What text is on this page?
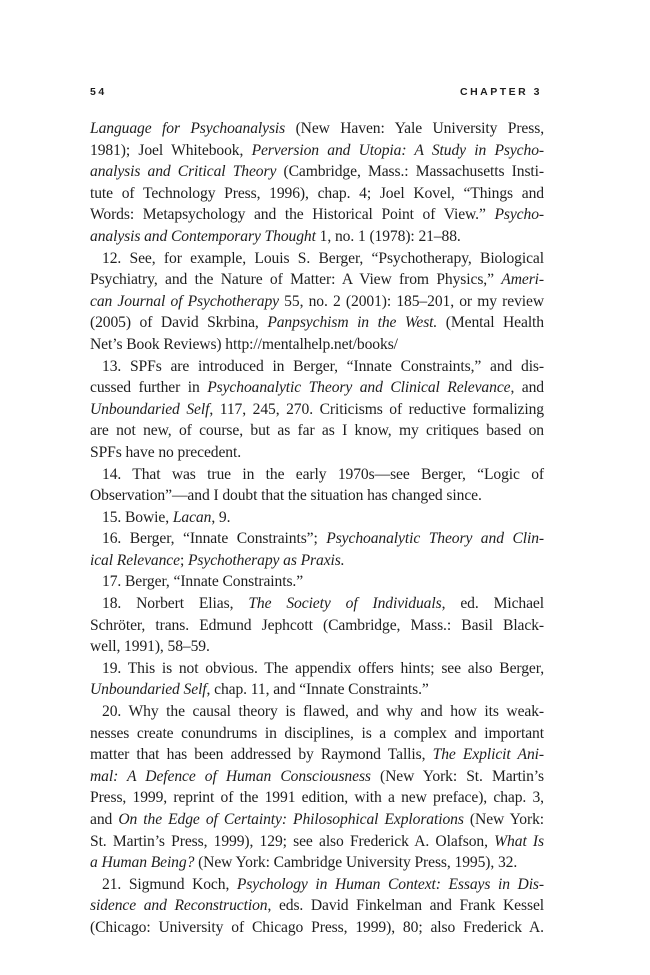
54	CHAPTER 3
Language for Psychoanalysis (New Haven: Yale University Press,
1981); Joel Whitebook, Perversion and Utopia: A Study in Psycho-
analysis and Critical Theory (Cambridge, Mass.: Massachusetts Insti-
tute of Technology Press, 1996), chap. 4; Joel Kovel, “Things and
Words: Metapsychology and the Historical Point of View.” Psycho-
analysis and Contemporary Thought 1, no. 1 (1978): 21–88.
12. See, for example, Louis S. Berger, “Psychotherapy, Biological
Psychiatry, and the Nature of Matter: A View from Physics,” Ameri-
can Journal of Psychotherapy 55, no. 2 (2001): 185–201, or my review
(2005) of David Skrbina, Panpsychism in the West. (Mental Health
Net’s Book Reviews) http://mentalhelp.net/books/
13. SPFs are introduced in Berger, “Innate Constraints,” and dis-
cussed further in Psychoanalytic Theory and Clinical Relevance, and
Unboundaried Self, 117, 245, 270. Criticisms of reductive formalizing
are not new, of course, but as far as I know, my critiques based on
SPFs have no precedent.
14. That was true in the early 1970s—see Berger, “Logic of
Observation”—and I doubt that the situation has changed since.
15. Bowie, Lacan, 9.
16. Berger, “Innate Constraints”; Psychoanalytic Theory and Clin-
ical Relevance; Psychotherapy as Praxis.
17. Berger, “Innate Constraints.”
18. Norbert Elias, The Society of Individuals, ed. Michael
Schröter, trans. Edmund Jephcott (Cambridge, Mass.: Basil Black-
well, 1991), 58–59.
19. This is not obvious. The appendix offers hints; see also Berger,
Unboundaried Self, chap. 11, and “Innate Constraints.”
20. Why the causal theory is flawed, and why and how its weak-
nesses create conundrums in disciplines, is a complex and important
matter that has been addressed by Raymond Tallis, The Explicit Ani-
mal: A Defence of Human Consciousness (New York: St. Martin’s
Press, 1999, reprint of the 1991 edition, with a new preface), chap. 3,
and On the Edge of Certainty: Philosophical Explorations (New York:
St. Martin’s Press, 1999), 129; see also Frederick A. Olafson, What Is
a Human Being? (New York: Cambridge University Press, 1995), 32.
21. Sigmund Koch, Psychology in Human Context: Essays in Dis-
sidence and Reconstruction, eds. David Finkelman and Frank Kessel
(Chicago: University of Chicago Press, 1999), 80; also Frederick A.
